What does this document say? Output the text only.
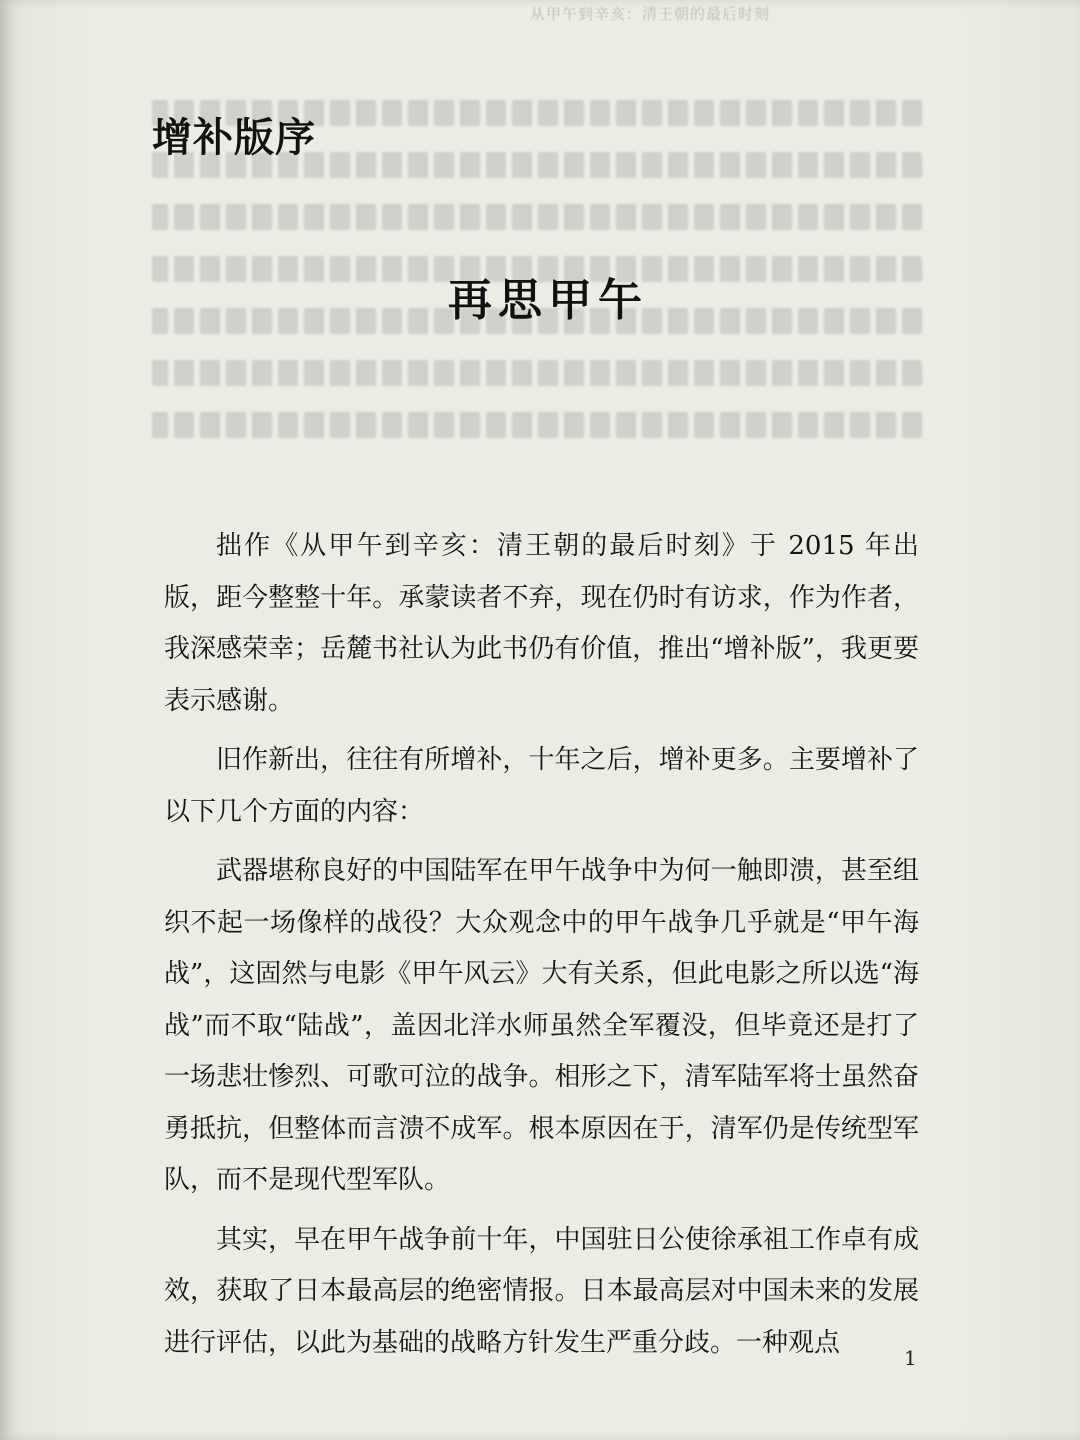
从甲午到辛亥：清王朝的最后时刻
增补版序
再思甲午

拙作《从甲午到辛亥：清王朝的最后时刻》于 2015 年出版，距今整整十年。承蒙读者不弃，现在仍时有访求，作为作者，我深感荣幸；岳麓书社认为此书仍有价值，推出“增补版”，我更要表示感谢。

旧作新出，往往有所增补，十年之后，增补更多。主要增补了以下几个方面的内容：

武器堪称良好的中国陆军在甲午战争中为何一触即溃，甚至组织不起一场像样的战役？大众观念中的甲午战争几乎就是“甲午海战”，这固然与电影《甲午风云》大有关系，但此电影之所以选“海战”而不取“陆战”，盖因北洋水师虽然全军覆没，但毕竟还是打了一场悲壮惨烈、可歌可泣的战争。相形之下，清军陆军将士虽然奋勇抵抗，但整体而言溃不成军。根本原因在于，清军仍是传统型军队，而不是现代型军队。

其实，早在甲午战争前十年，中国驻日公使徐承祖工作卓有成效，获取了日本最高层的绝密情报。日本最高层对中国未来的发展进行评估，以此为基础的战略方针发生严重分歧。一种观点

1
